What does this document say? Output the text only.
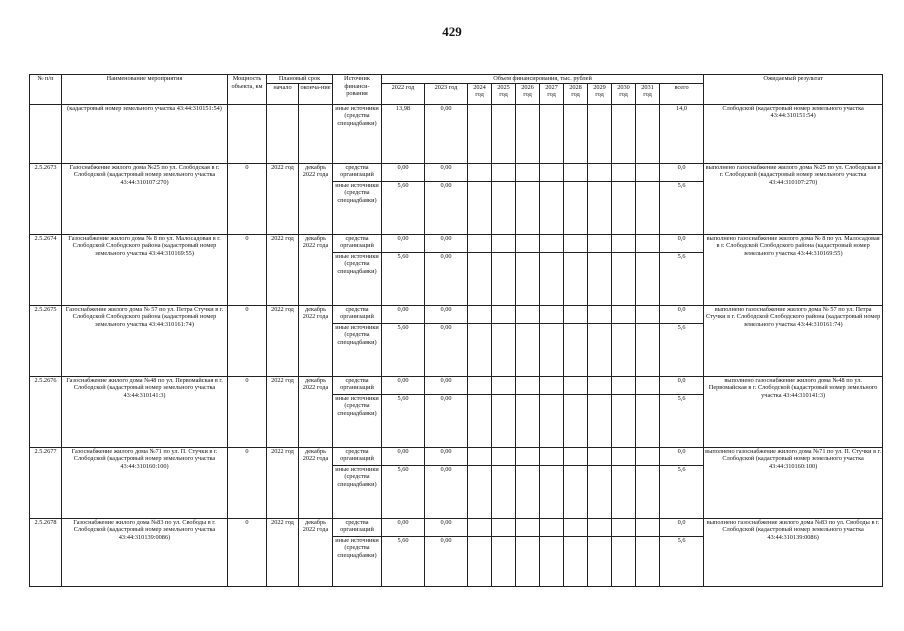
429
№ п/п	Наименование мероприятия	Мощность объекта, км	Плановый срок		Источник финанси-рования	Объем финансирования, тыс. рублей											Ожидаемый результат
			начало	оконча-ние		2022 год	2023 год	2024 год	2025 год	2026 год	2027 год	2028 год	2029 год	2030 год	2031 год	всего	
	(кадастровый номер земельного участка 43:44:310151:54)				иные источники (средства спецнадбавки)	13,98	0,00									14,0	Слободской (кадастровый номер земельного участка 43:44:310151:54)
2.5.2673	Газоснабжение жилого дома №25 по ул. Слободская в г. Слободской (кадастровый номер земельного участка 43:44:310107:270)	0	2022 год	декабрь 2022 года	средства организаций	0,00	0,00									0,0	выполнено газоснабжение жилого дома №25 по ул. Слободская в г. Слободской (кадастровый номер земельного участка 43:44:310107:270)
					иные источники (средства спецнадбавки)	5,60	0,00									5,6	
2.5.2674	Газоснабжение жилого дома № 8 по ул. Малосадовая в г. Слободской Слободского района (кадастровый номер земельного участка 43:44:310169:55)	0	2022 год	декабрь 2022 года	средства организаций	0,00	0,00									0,0	выполнено газоснабжение жилого дома № 8 по ул. Малосадовая в г. Слободской Слободского района (кадастровый номер земельного участка 43:44:310169:55)
					иные источники (средства спецнадбавки)	5,60	0,00									5,6	
2.5.2675	Газоснабжение жилого дома № 57 по ул. Петра Стучки в г. Слободской Слободского района (кадастровый номер земельного участка 43:44:310161:74)	0	2022 год	декабрь 2022 года	средства организаций	0,00	0,00									0,0	выполнено газоснабжение жилого дома № 57 по ул. Петра Стучки в г. Слободской Слободского района (кадастровый номер земельного участка 43:44:310161:74)
					иные источники (средства спецнадбавки)	5,60	0,00									5,6	
2.5.2676	Газоснабжение жилого дома №48 по ул. Первомайская в г. Слободской (кадастровый номер земельного участка 43:44:310141:3)	0	2022 год	декабрь 2022 года	средства организаций	0,00	0,00									0,0	выполнено газоснабжение жилого дома №48 по ул. Первомайская в г. Слободской (кадастровый номер земельного участка 43:44:310141:3)
					иные источники (средства спецнадбавки)	5,60	0,00									5,6	
2.5.2677	Газоснабжение жилого дома №71 по ул. П. Стучки в г. Слободской (кадастровый номер земельного участка 43:44:310160:100)	0	2022 год	декабрь 2022 года	средства организаций	0,00	0,00									0,0	выполнено газоснабжение жилого дома №71 по ул. П. Стучки в г. Слободской (кадастровый номер земельного участка 43:44:310160:100)
					иные источники (средства спецнадбавки)	5,60	0,00									5,6	
2.5.2678	Газоснабжение жилого дома №83 по ул. Свободы в г. Слободской (кадастровый номер земельного участка 43:44:310139:0086)	0	2022 год	декабрь 2022 года	средства организаций	0,00	0,00									0,0	выполнено газоснабжение жилого дома №83 по ул. Свободы в г. Слободской (кадастровый номер земельного участка 43:44:310139:0086)
					иные источники (средства спецнадбавки)	5,60	0,00									5,6	
